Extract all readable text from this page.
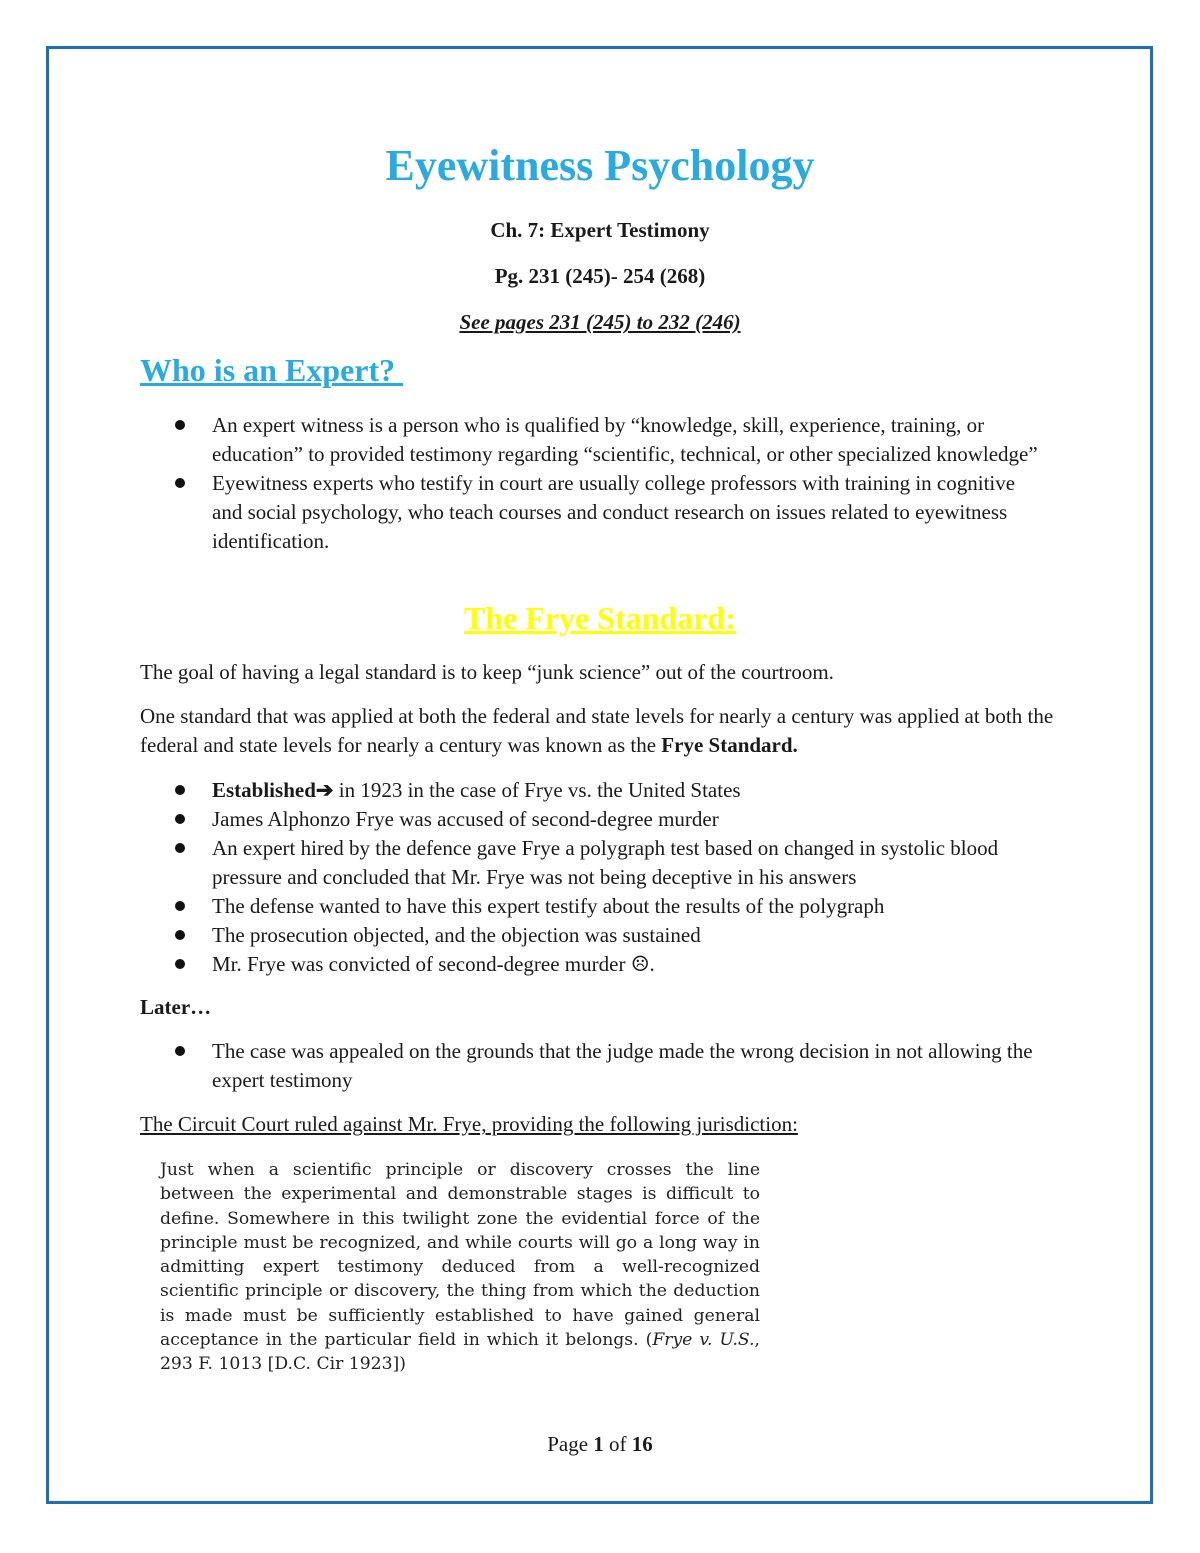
Eyewitness Psychology

Ch. 7: Expert Testimony

Pg. 231 (245)- 254 (268)

See pages 231 (245) to 232 (246)

Who is an Expert?
An expert witness is a person who is qualified by “knowledge, skill, experience, training, or education” to provided testimony regarding “scientific, technical, or other specialized knowledge”
Eyewitness experts who testify in court are usually college professors with training in cognitive and social psychology, who teach courses and conduct research on issues related to eyewitness identification.
The Frye Standard:

The goal of having a legal standard is to keep “junk science” out of the courtroom.

One standard that was applied at both the federal and state levels for nearly a century was applied at both the federal and state levels for nearly a century was known as the Frye Standard.

Established➔ in 1923 in the case of Frye vs. the United States
James Alphonzo Frye was accused of second-degree murder
An expert hired by the defence gave Frye a polygraph test based on changed in systolic blood pressure and concluded that Mr. Frye was not being deceptive in his answers
The defense wanted to have this expert testify about the results of the polygraph
The prosecution objected, and the objection was sustained
Mr. Frye was convicted of second-degree murder ☹.

Later…

The case was appealed on the grounds that the judge made the wrong decision in not allowing the expert testimony

The Circuit Court ruled against Mr. Frye, providing the following jurisdiction:

Just when a scientific principle or discovery crosses the line between the experimental and demonstrable stages is difficult to define. Somewhere in this twilight zone the evidential force of the principle must be recognized, and while courts will go a long way in admitting expert testimony deduced from a well-recognized scientific principle or discovery, the thing from which the deduction is made must be sufficiently established to have gained general acceptance in the particular field in which it belongs. (Frye v. U.S., 293 F. 1013 [D.C. Cir 1923])

Page 1 of 16
